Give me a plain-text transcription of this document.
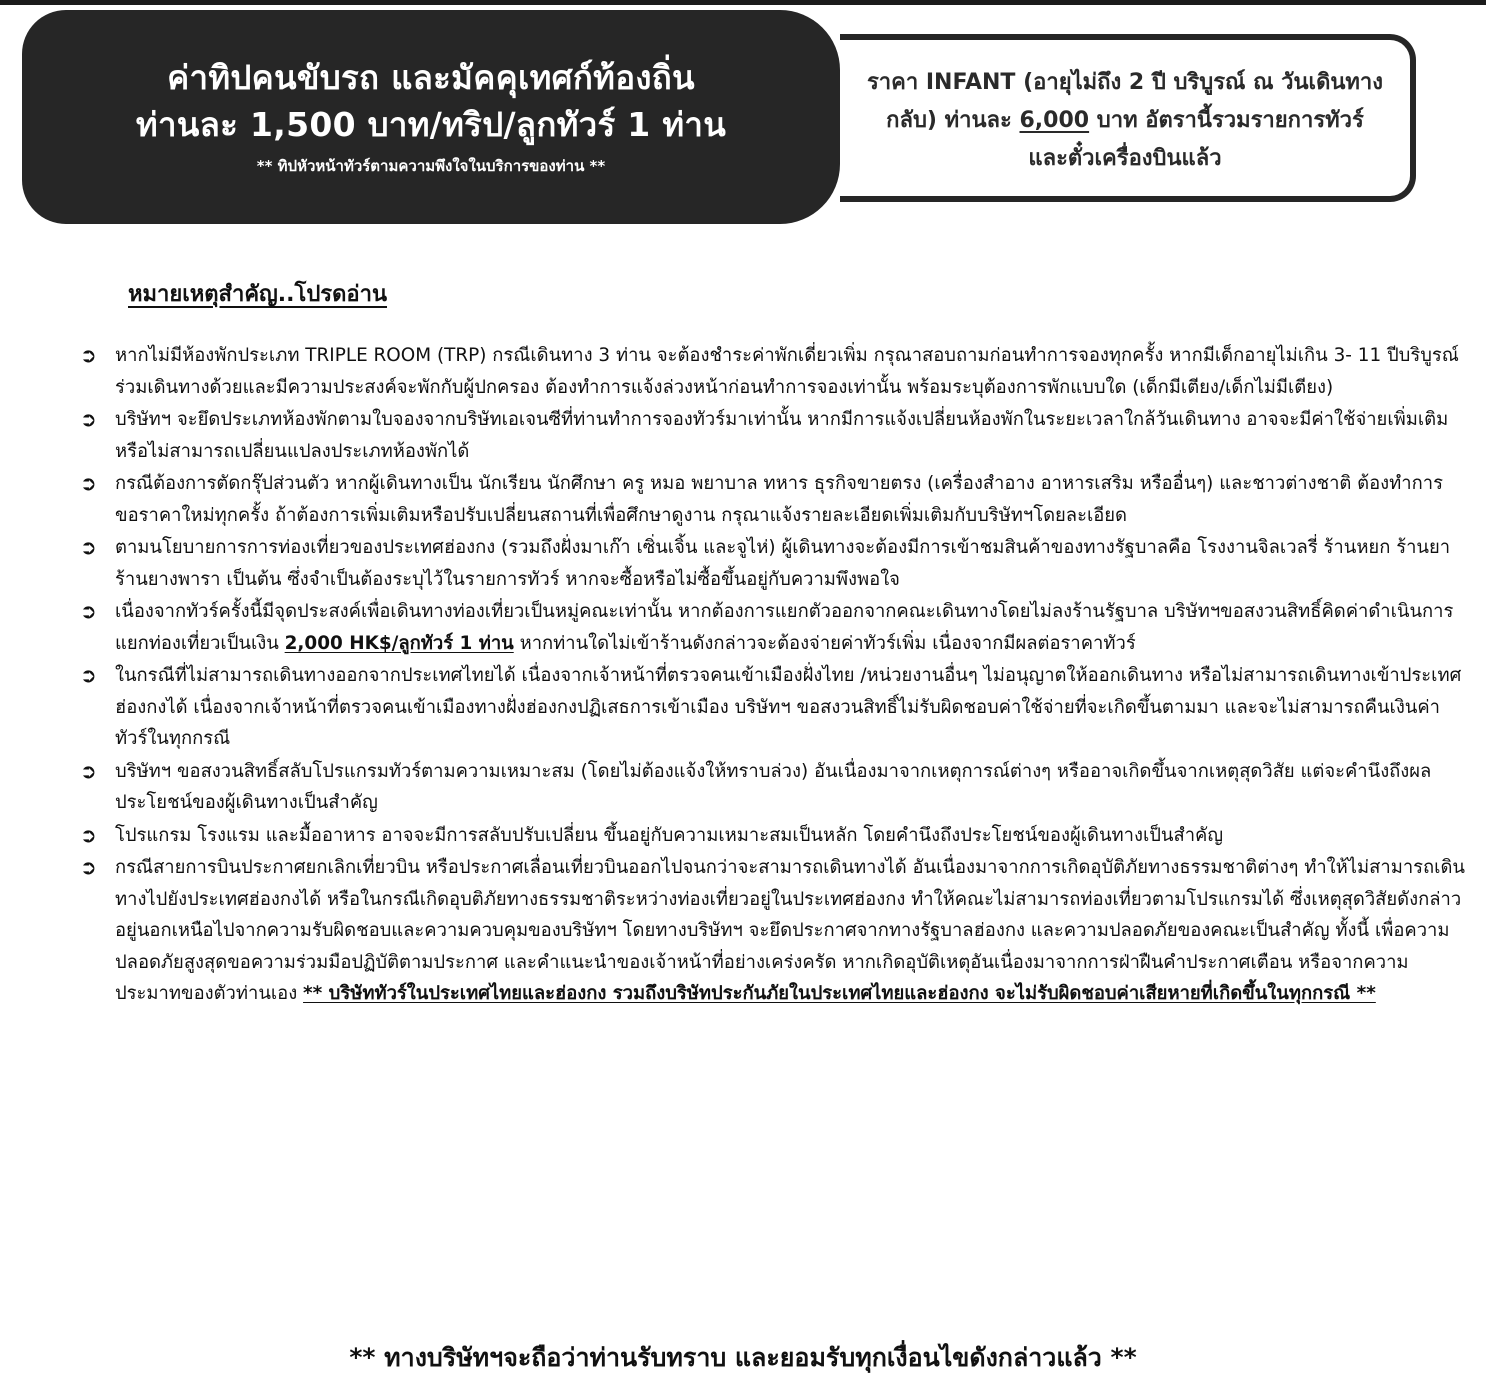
ค่าทิปคนขับรถ และมัคคุเทศก์ท้องถิ่น
ท่านละ 1,500 บาท/ทริป/ลูกทัวร์ 1 ท่าน
** ทิปหัวหน้าทัวร์ตามความพึงใจในบริการของท่าน **
ราคา INFANT (อายุไม่ถึง 2 ปี บริบูรณ์ ณ วันเดินทางกลับ) ท่านละ 6,000 บาท อัตรานี้รวมรายการทัวร์ และตั๋วเครื่องบินแล้ว
หมายเหตุสำคัญ..โปรดอ่าน
➲ หากไม่มีห้องพักประเภท TRIPLE ROOM (TRP) กรณีเดินทาง 3 ท่าน จะต้องชำระค่าพักเดี่ยวเพิ่ม กรุณาสอบถามก่อนทำการจองทุกครั้ง หากมีเด็กอายุไม่เกิน 3- 11 ปีบริบูรณ์ ร่วมเดินทางด้วยและมีความประสงค์จะพักกับผู้ปกครอง ต้องทำการแจ้งล่วงหน้าก่อนทำการจองเท่านั้น พร้อมระบุต้องการพักแบบใด (เด็กมีเตียง/เด็กไม่มีเตียง)
➲ บริษัทฯ จะยึดประเภทห้องพักตามใบจองจากบริษัทเอเจนซีที่ท่านทำการจองทัวร์มาเท่านั้น หากมีการแจ้งเปลี่ยนห้องพักในระยะเวลาใกล้วันเดินทาง อาจจะมีค่าใช้จ่ายเพิ่มเติม หรือไม่สามารถเปลี่ยนแปลงประเภทห้องพักได้
➲ กรณีต้องการตัดกรุ๊ปส่วนตัว หากผู้เดินทางเป็น นักเรียน นักศึกษา ครู หมอ พยาบาล ทหาร ธุรกิจขายตรง (เครื่องสำอาง อาหารเสริม หรืออื่นๆ) และชาวต่างชาติ ต้องทำการขอราคาใหม่ทุกครั้ง ถ้าต้องการเพิ่มเติมหรือปรับเปลี่ยนสถานที่เพื่อศึกษาดูงาน กรุณาแจ้งรายละเอียดเพิ่มเติมกับบริษัทฯโดยละเอียด
➲ ตามนโยบายการการท่องเที่ยวของประเทศฮ่องกง (รวมถึงฝั่งมาเก๊า เซิ่นเจิ้น และจูไห่) ผู้เดินทางจะต้องมีการเข้าชมสินค้าของทางรัฐบาลคือ โรงงานจิลเวลรี่ ร้านหยก ร้านยา ร้านยางพารา เป็นต้น ซึ่งจำเป็นต้องระบุไว้ในรายการทัวร์ หากจะซื้อหรือไม่ซื้อขึ้นอยู่กับความพึงพอใจ
➲ เนื่องจากทัวร์ครั้งนี้มีจุดประสงค์เพื่อเดินทางท่องเที่ยวเป็นหมู่คณะเท่านั้น หากต้องการแยกตัวออกจากคณะเดินทางโดยไม่ลงร้านรัฐบาล บริษัทฯขอสงวนสิทธิ์คิดค่าดำเนินการแยกท่องเที่ยวเป็นเงิน 2,000 HK$/ลูกทัวร์ 1 ท่าน หากท่านใดไม่เข้าร้านดังกล่าวจะต้องจ่ายค่าทัวร์เพิ่ม เนื่องจากมีผลต่อราคาทัวร์
➲ ในกรณีที่ไม่สามารถเดินทางออกจากประเทศไทยได้ เนื่องจากเจ้าหน้าที่ตรวจคนเข้าเมืองฝั่งไทย /หน่วยงานอื่นๆ ไม่อนุญาตให้ออกเดินทาง หรือไม่สามารถเดินทางเข้าประเทศฮ่องกงได้ เนื่องจากเจ้าหน้าที่ตรวจคนเข้าเมืองทางฝั่งฮ่องกงปฏิเสธการเข้าเมือง บริษัทฯ ขอสงวนสิทธิ์ไม่รับผิดชอบค่าใช้จ่ายที่จะเกิดขึ้นตามมา และจะไม่สามารถคืนเงินค่าทัวร์ในทุกกรณี
➲ บริษัทฯ ขอสงวนสิทธิ์สลับโปรแกรมทัวร์ตามความเหมาะสม (โดยไม่ต้องแจ้งให้ทราบล่วง) อันเนื่องมาจากเหตุการณ์ต่างๆ หรืออาจเกิดขึ้นจากเหตุสุดวิสัย แต่จะคำนึงถึงผลประโยชน์ของผู้เดินทางเป็นสำคัญ
➲ โปรแกรม โรงแรม และมื้ออาหาร อาจจะมีการสลับปรับเปลี่ยน ขึ้นอยู่กับความเหมาะสมเป็นหลัก โดยคำนึงถึงประโยชน์ของผู้เดินทางเป็นสำคัญ
➲ กรณีสายการบินประกาศยกเลิกเที่ยวบิน หรือประกาศเลื่อนเที่ยวบินออกไปจนกว่าจะสามารถเดินทางได้ อันเนื่องมาจากการเกิดอุบัติภัยทางธรรมชาติต่างๆ ทำให้ไม่สามารถเดินทางไปยังประเทศฮ่องกงได้ หรือในกรณีเกิดอุบติภัยทางธรรมชาติระหว่างท่องเที่ยวอยู่ในประเทศฮ่องกง ทำให้คณะไม่สามารถท่องเที่ยวตามโปรแกรมได้ ซึ่งเหตุสุดวิสัยดังกล่าวอยู่นอกเหนือไปจากความรับผิดชอบและความควบคุมของบริษัทฯ โดยทางบริษัทฯ จะยึดประกาศจากทางรัฐบาลฮ่องกง และความปลอดภัยของคณะเป็นสำคัญ ทั้งนี้ เพื่อความปลอดภัยสูงสุดขอความร่วมมือปฏิบัติตามประกาศ และคำแนะนำของเจ้าหน้าที่อย่างเคร่งครัด หากเกิดอุบัติเหตุอันเนื่องมาจากการฝ่าฝืนคำประกาศเตือน หรือจากความประมาทของตัวท่านเอง ** บริษัททัวร์ในประเทศไทยและฮ่องกง รวมถึงบริษัทประกันภัยในประเทศไทยและฮ่องกง จะไม่รับผิดชอบค่าเสียหายที่เกิดขึ้นในทุกกรณี **
** ทางบริษัทฯจะถือว่าท่านรับทราบ และยอมรับทุกเงื่อนไขดังกล่าวแล้ว **
